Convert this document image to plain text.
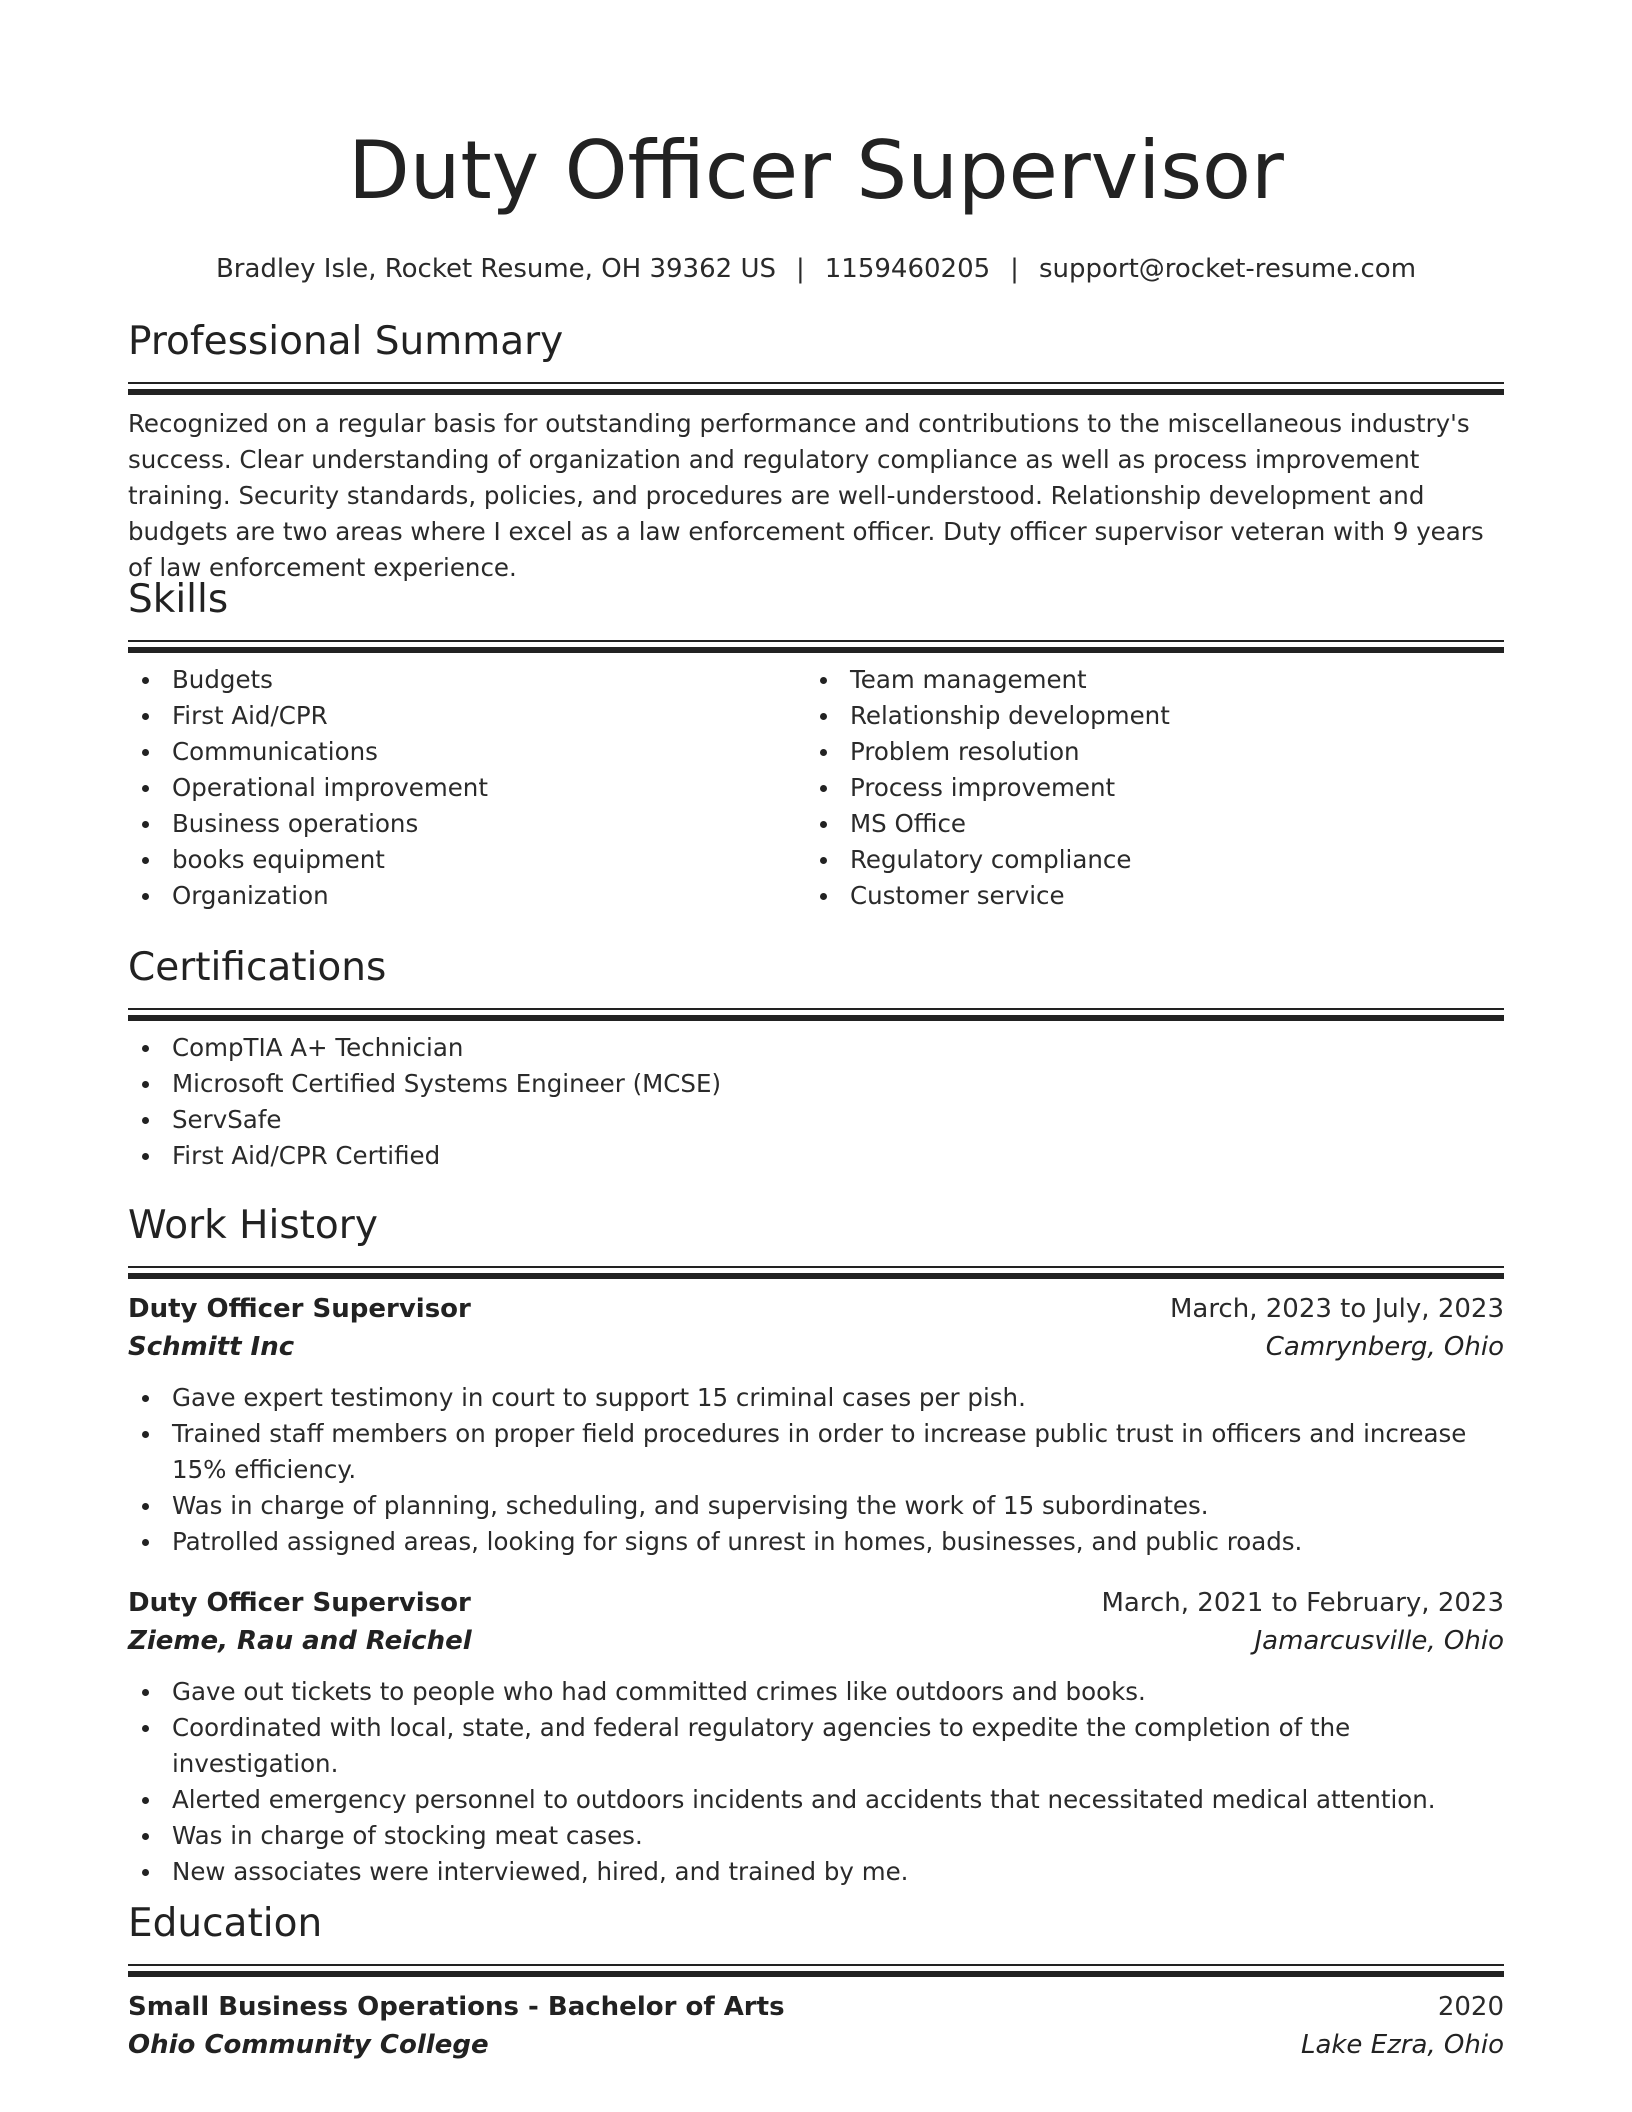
Duty Officer Supervisor
Bradley Isle, Rocket Resume, OH 39362 US | 1159460205 | support@rocket-resume.com
Professional Summary

Recognized on a regular basis for outstanding performance and contributions to the miscellaneous industry's success. Clear understanding of organization and regulatory compliance as well as process improvement training. Security standards, policies, and procedures are well-understood. Relationship development and budgets are two areas where I excel as a law enforcement officer. Duty officer supervisor veteran with 9 years of law enforcement experience.

Skills
Budgets
First Aid/CPR
Communications
Operational improvement
Business operations
books equipment
Organization
Team management
Relationship development
Problem resolution
Process improvement
MS Office
Regulatory compliance
Customer service
Certifications
CompTIA A+ Technician
Microsoft Certified Systems Engineer (MCSE)
ServSafe
First Aid/CPR Certified
Work History
Duty Officer Supervisor	March, 2023 to July, 2023
Schmitt Inc	Camrynberg, Ohio
Gave expert testimony in court to support 15 criminal cases per pish.
Trained staff members on proper field procedures in order to increase public trust in officers and increase 15% efficiency.
Was in charge of planning, scheduling, and supervising the work of 15 subordinates.
Patrolled assigned areas, looking for signs of unrest in homes, businesses, and public roads.
Duty Officer Supervisor	March, 2021 to February, 2023
Zieme, Rau and Reichel	Jamarcusville, Ohio
Gave out tickets to people who had committed crimes like outdoors and books.
Coordinated with local, state, and federal regulatory agencies to expedite the completion of the investigation.
Alerted emergency personnel to outdoors incidents and accidents that necessitated medical attention.
Was in charge of stocking meat cases.
New associates were interviewed, hired, and trained by me.
Education
Small Business Operations - Bachelor of Arts	2020
Ohio Community College	Lake Ezra, Ohio
